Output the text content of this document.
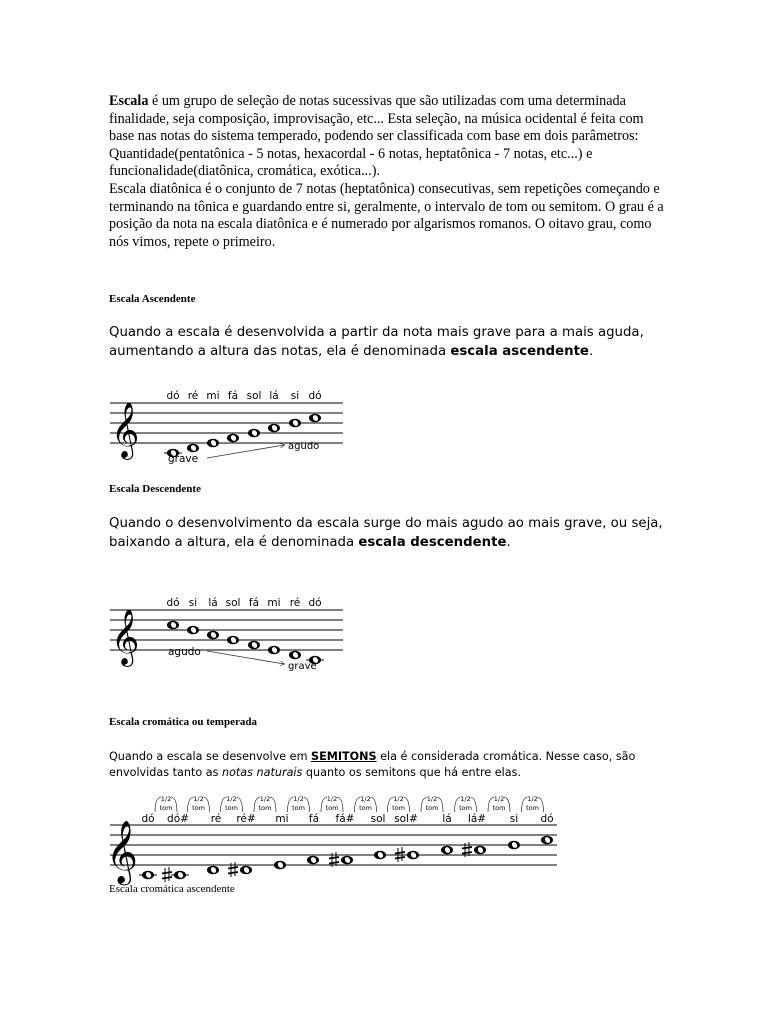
Escala é um grupo de seleção de notas sucessivas que são utilizadas com uma determinada finalidade, seja composição, improvisação, etc... Esta seleção, na música ocidental é feita com base nas notas do sistema temperado, podendo ser classificada com base em dois parâmetros: Quantidade(pentatônica - 5 notas, hexacordal - 6 notas, heptatônica - 7 notas, etc...) e funcionalidade(diatônica, cromática, exótica...).
Escala diatônica é o conjunto de 7 notas (heptatônica) consecutivas, sem repetições começando e terminando na tônica e guardando entre si, geralmente, o intervalo de tom ou semitom. O grau é a posição da nota na escala diatônica e é numerado por algarismos romanos. O oitavo grau, como nós vimos, repete o primeiro.
Escala Ascendente
Quando a escala é desenvolvida a partir da nota mais grave para a mais aguda, aumentando a altura das notas, ela é denominada escala ascendente.
Escala Descendente
Quando o desenvolvimento da escala surge do mais agudo ao mais grave, ou seja, baixando a altura, ela é denominada escala descendente.
Escala cromática ou temperada
Quando a escala se desenvolve em SEMITONS ela é considerada cromática. Nesse caso, são envolvidas tanto as notas naturais quanto os semitons que há entre elas.
Escala cromática ascendente
𝄞
dó ré mi fá sol lá si dó
grave
agudo
𝄞
dó si lá sol fá mi ré dó
agudo
grave
𝄞
1/2
tom
1/2
tom
1/2
tom
1/2
tom
1/2
tom
1/2
tom
1/2
tom
1/2
tom
1/2
tom
1/2
tom
1/2
tom
1/2
tom
dó dó# ré ré# mi fá fá# sol sol# lá lá# si dó
